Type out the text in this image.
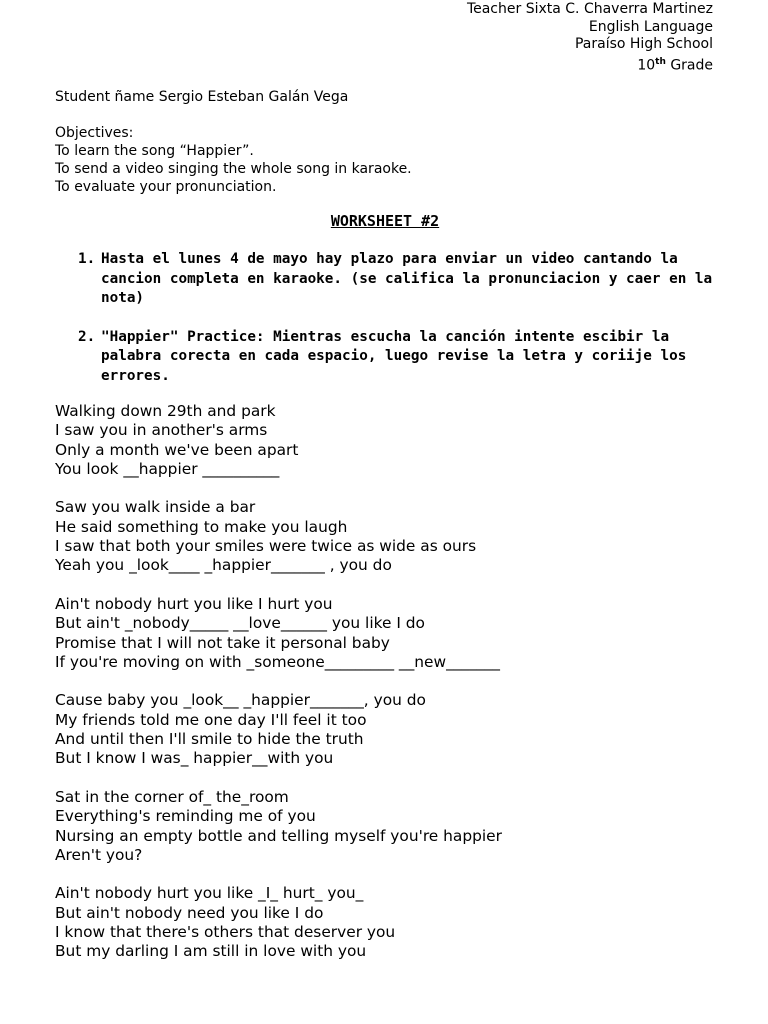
Teacher Sixta C. Chaverra Martinez
English Language
Paraíso High School
10th Grade
Student ñame Sergio Esteban Galán Vega
Objectives:
To learn the song “Happier”.
To send a video singing the whole song in karaoke.
To evaluate your pronunciation.
WORKSHEET #2
1. Hasta el lunes 4 de mayo hay plazo para enviar un video cantando la cancion completa en karaoke. (se califica la pronunciacion y caer en la nota)
2. "Happier" Practice: Mientras escucha la canción intente escibir la palabra corecta en cada espacio, luego revise la letra y coriije los errores.
Walking down 29th and park
I saw you in another's arms
Only a month we've been apart
You look __happier __________
Saw you walk inside a bar
He said something to make you laugh
I saw that both your smiles were twice as wide as ours
Yeah you _look____ _happier_______ , you do
Ain't nobody hurt you like I hurt you
But ain't _nobody_____ __love______ you like I do
Promise that I will not take it personal baby
If you're moving on with _someone_________ __new_______
Cause baby you _look__ _happier_______, you do
My friends told me one day I'll feel it too
And until then I'll smile to hide the truth
But I know I was_ happier__with you
Sat in the corner of_ the_room
Everything's reminding me of you
Nursing an empty bottle and telling myself you're happier
Aren't you?
Ain't nobody hurt you like _I_ hurt_ you_
But ain't nobody need you like I do
I know that there's others that deserver you
But my darling I am still in love with you
